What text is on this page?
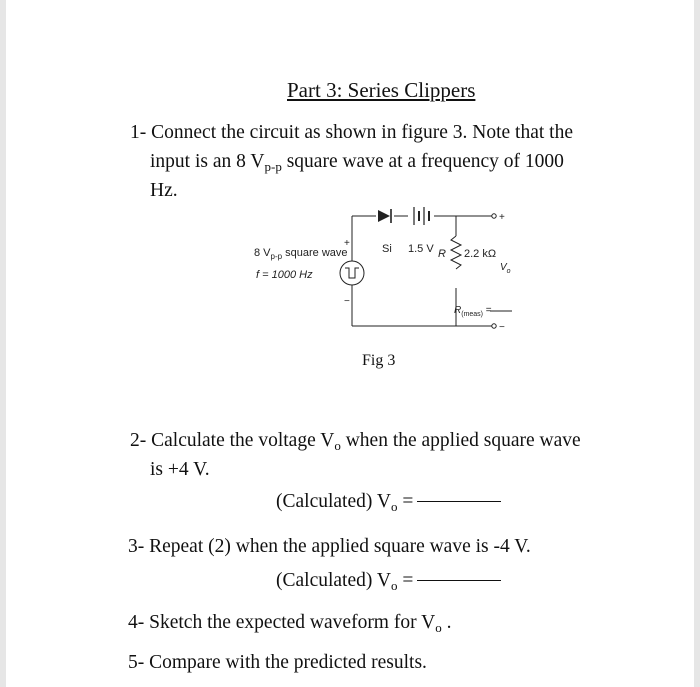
Part 3: Series Clippers
1- Connect the circuit as shown in figure 3. Note that the
input is an 8 $V_{p-p}$ square wave at a frequency of 1000
Hz.
Si 1.5 V
+
−
8 $V_{p-p}$ square wave
f = 1000 Hz
R 2.2 kΩ
$R_{(meas)}$ =
+
−
$V_o$
Fig 3
2- Calculate the voltage $V_o$ when the applied square wave
is +4 V.
(Calculated) $V_o$ =
3- Repeat (2) when the applied square wave is -4 V.
(Calculated) $V_o$ =
4- Sketch the expected waveform for $V_o$ .
5- Compare with the predicted results.
